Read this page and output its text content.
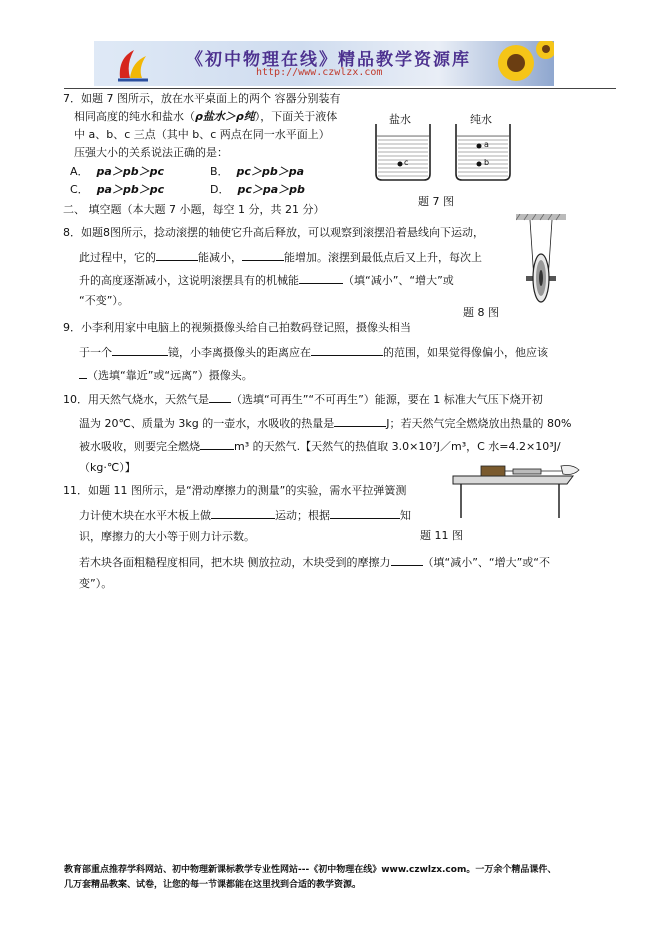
《初中物理在线》精品教学资源库
http://www.czwlzx.com
7．如题 7 图所示，放在水平桌面上的两个 容器分别装有
相同高度的纯水和盐水（ρ盐水＞ρ纯），下面关于液体
中 a、b、c 三点（其中 b、c 两点在同一水平面上）
压强大小的关系说法正确的是：
A． pa＞pb＞pc	B． pc＞pb＞pa
C． pa＞pb＞pc	D． pc＞pa＞pb
盐水	纯水
c
a
b
题 7 图
二、 填空题（本大题 7 小题，每空 1 分，共 21 分）
8．如题8图所示，捻动滚摆的轴使它升高后释放，可以观察到滚摆沿着悬线向下运动，
此过程中，它的	能减小，	能增加。滚摆到最低点后又上升，每次上
升的高度逐渐减小，这说明滚摆具有的机械能	（填“减小”、“增大”或
“不变”）。
题 8 图
9．小李利用家中电脑上的视频摄像头给自己拍数码登记照，摄像头相当
于一个	镜，小李离摄像头的距离应在	的范围，如果觉得像偏小，他应该
（选填“靠近”或“远离”）摄像头。
10．用天然气烧水，天然气是 （选填“可再生”“不可再生”）能源，要在 1 标准大气压下烧开初
温为 20℃、质量为 3kg 的一壶水，水吸收的热量是	J；若天然气完全燃烧放出热量的 80%
被水吸收，则要完全燃烧	m³ 的天然气.【天然气的热值取 3.0×10⁷J／m³，C 水=4.2×10³J/
（kg·℃）】
11．如题 11 图所示，是“滑动摩擦力的测量”的实验，需水平拉弹簧测
力计使木块在水平木板上做	运动；根据	知
识，摩擦力的大小等于则力计示数。	题 11 图
若木块各面粗糙程度相同，把木块 侧放拉动，木块受到的摩擦力	（填“减小”、“增大”或“不
变”）。
教育部重点推荐学科网站、初中物理新课标教学专业性网站---《初中物理在线》www.czwlzx.com。一万余个精品课件、
几万套精品教案、试卷，让您的每一节课都能在这里找到合适的教学资源。
